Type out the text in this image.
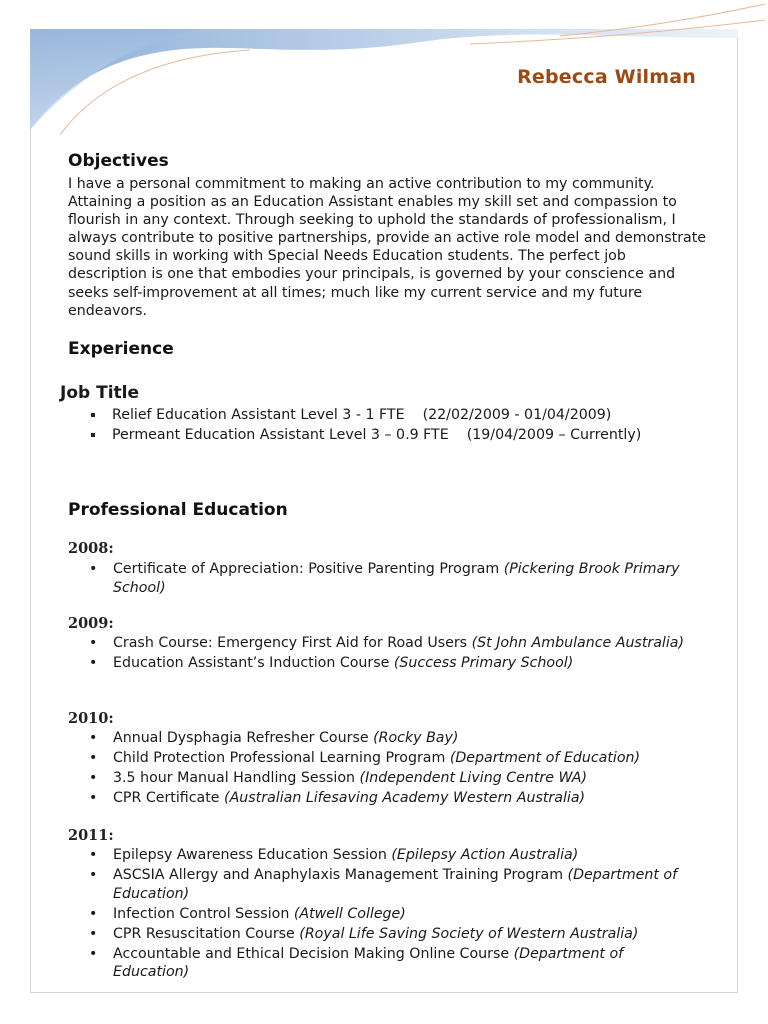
Rebecca Wilman
Objectives

I have a personal commitment to making an active contribution to my community. Attaining a position as an Education Assistant enables my skill set and compassion to flourish in any context. Through seeking to uphold the standards of professionalism, I always contribute to positive partnerships, provide an active role model and demonstrate sound skills in working with Special Needs Education students. The perfect job description is one that embodies your principals, is governed by your conscience and seeks self-improvement at all times; much like my current service and my future endeavors.

Experience
Job Title
Relief Education Assistant Level 3 - 1 FTE    (22/02/2009 - 01/04/2009)
Permeant Education Assistant Level 3 – 0.9 FTE    (19/04/2009 – Currently)
Professional Education

2008:

• Certificate of Appreciation: Positive Parenting Program (Pickering Brook Primary School)

2009:

• Crash Course: Emergency First Aid for Road Users (St John Ambulance Australia)
• Education Assistant’s Induction Course (Success Primary School)

2010:

• Annual Dysphagia Refresher Course (Rocky Bay)
• Child Protection Professional Learning Program (Department of Education)
• 3.5 hour Manual Handling Session (Independent Living Centre WA)
• CPR Certificate (Australian Lifesaving Academy Western Australia)

2011:

• Epilepsy Awareness Education Session (Epilepsy Action Australia)
• ASCSIA Allergy and Anaphylaxis Management Training Program (Department of Education)
• Infection Control Session (Atwell College)
• CPR Resuscitation Course (Royal Life Saving Society of Western Australia)
• Accountable and Ethical Decision Making Online Course (Department of Education)
